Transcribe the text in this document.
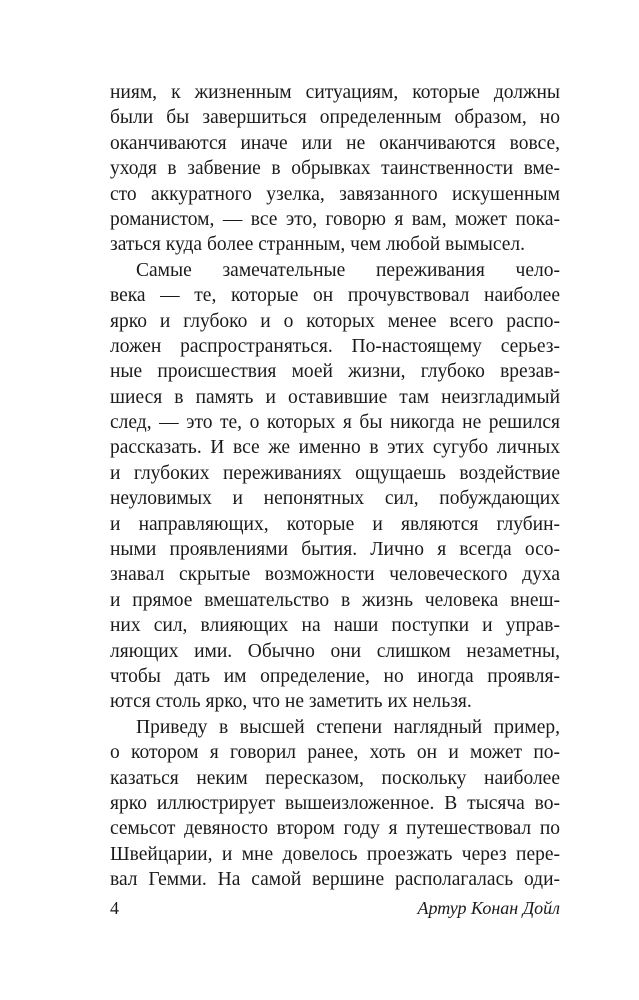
ниям, к жизненным ситуациям, которые должны
были бы завершиться определенным образом, но
оканчиваются иначе или не оканчиваются вовсе,
уходя в забвение в обрывках таинственности вме-
сто аккуратного узелка, завязанного искушенным
романистом, — все это, говорю я вам, может пока-
заться куда более странным, чем любой вымысел.
Самые замечательные переживания чело-
века — те, которые он прочувствовал наиболее
ярко и глубоко и о которых менее всего распо-
ложен распространяться. По-настоящему серьез-
ные происшествия моей жизни, глубоко врезав-
шиеся в память и оставившие там неизгладимый
след, — это те, о которых я бы никогда не решился
рассказать. И все же именно в этих сугубо личных
и глубоких переживаниях ощущаешь воздействие
неуловимых и непонятных сил, побуждающих
и направляющих, которые и являются глубин-
ными проявлениями бытия. Лично я всегда осо-
знавал скрытые возможности человеческого духа
и прямое вмешательство в жизнь человека внеш-
них сил, влияющих на наши поступки и управ-
ляющих ими. Обычно они слишком незаметны,
чтобы дать им определение, но иногда проявля-
ются столь ярко, что не заметить их нельзя.
Приведу в высшей степени наглядный пример,
о котором я говорил ранее, хоть он и может по-
казаться неким пересказом, поскольку наиболее
ярко иллюстрирует вышеизложенное. В тысяча во-
семьсот девяносто втором году я путешествовал по
Швейцарии, и мне довелось проезжать через пере-
вал Гемми. На самой вершине располагалась оди-
4	Артур Конан Дойл
